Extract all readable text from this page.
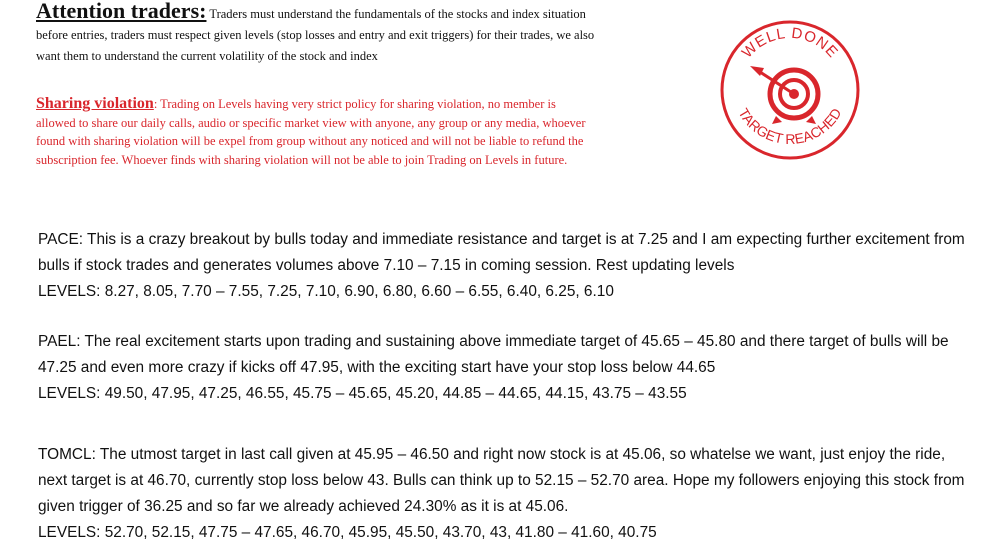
Attention traders: Traders must understand the fundamentals of the stocks and index situation before entries, traders must respect given levels (stop losses and entry and exit triggers) for their trades, we also want them to understand the current volatility of the stock and index
Sharing violation: Trading on Levels having very strict policy for sharing violation, no member is allowed to share our daily calls, audio or specific market view with anyone, any group or any media, whoever found with sharing violation will be expel from group without any noticed and will not be liable to refund the subscription fee. Whoever finds with sharing violation will not be able to join Trading on Levels in future.
WELL DONE
TARGET REACHED
PACE: This is a crazy breakout by bulls today and immediate resistance and target is at 7.25 and I am expecting further excitement from bulls if stock trades and generates volumes above 7.10 – 7.15 in coming session. Rest updating levels
LEVELS: 8.27, 8.05, 7.70 – 7.55, 7.25, 7.10, 6.90, 6.80, 6.60 – 6.55, 6.40, 6.25, 6.10
PAEL: The real excitement starts upon trading and sustaining above immediate target of 45.65 – 45.80 and there target of bulls will be 47.25 and even more crazy if kicks off 47.95, with the exciting start have your stop loss below 44.65
LEVELS: 49.50, 47.95, 47.25, 46.55, 45.75 – 45.65, 45.20, 44.85 – 44.65, 44.15, 43.75 – 43.55
TOMCL: The utmost target in last call given at 45.95 – 46.50 and right now stock is at 45.06, so whatelse we want, just enjoy the ride, next target is at 46.70, currently stop loss below 43. Bulls can think up to 52.15 – 52.70 area. Hope my followers enjoying this stock from given trigger of 36.25 and so far we already achieved 24.30% as it is at 45.06.
LEVELS: 52.70, 52.15, 47.75 – 47.65, 46.70, 45.95, 45.50, 43.70, 43, 41.80 – 41.60, 40.75
